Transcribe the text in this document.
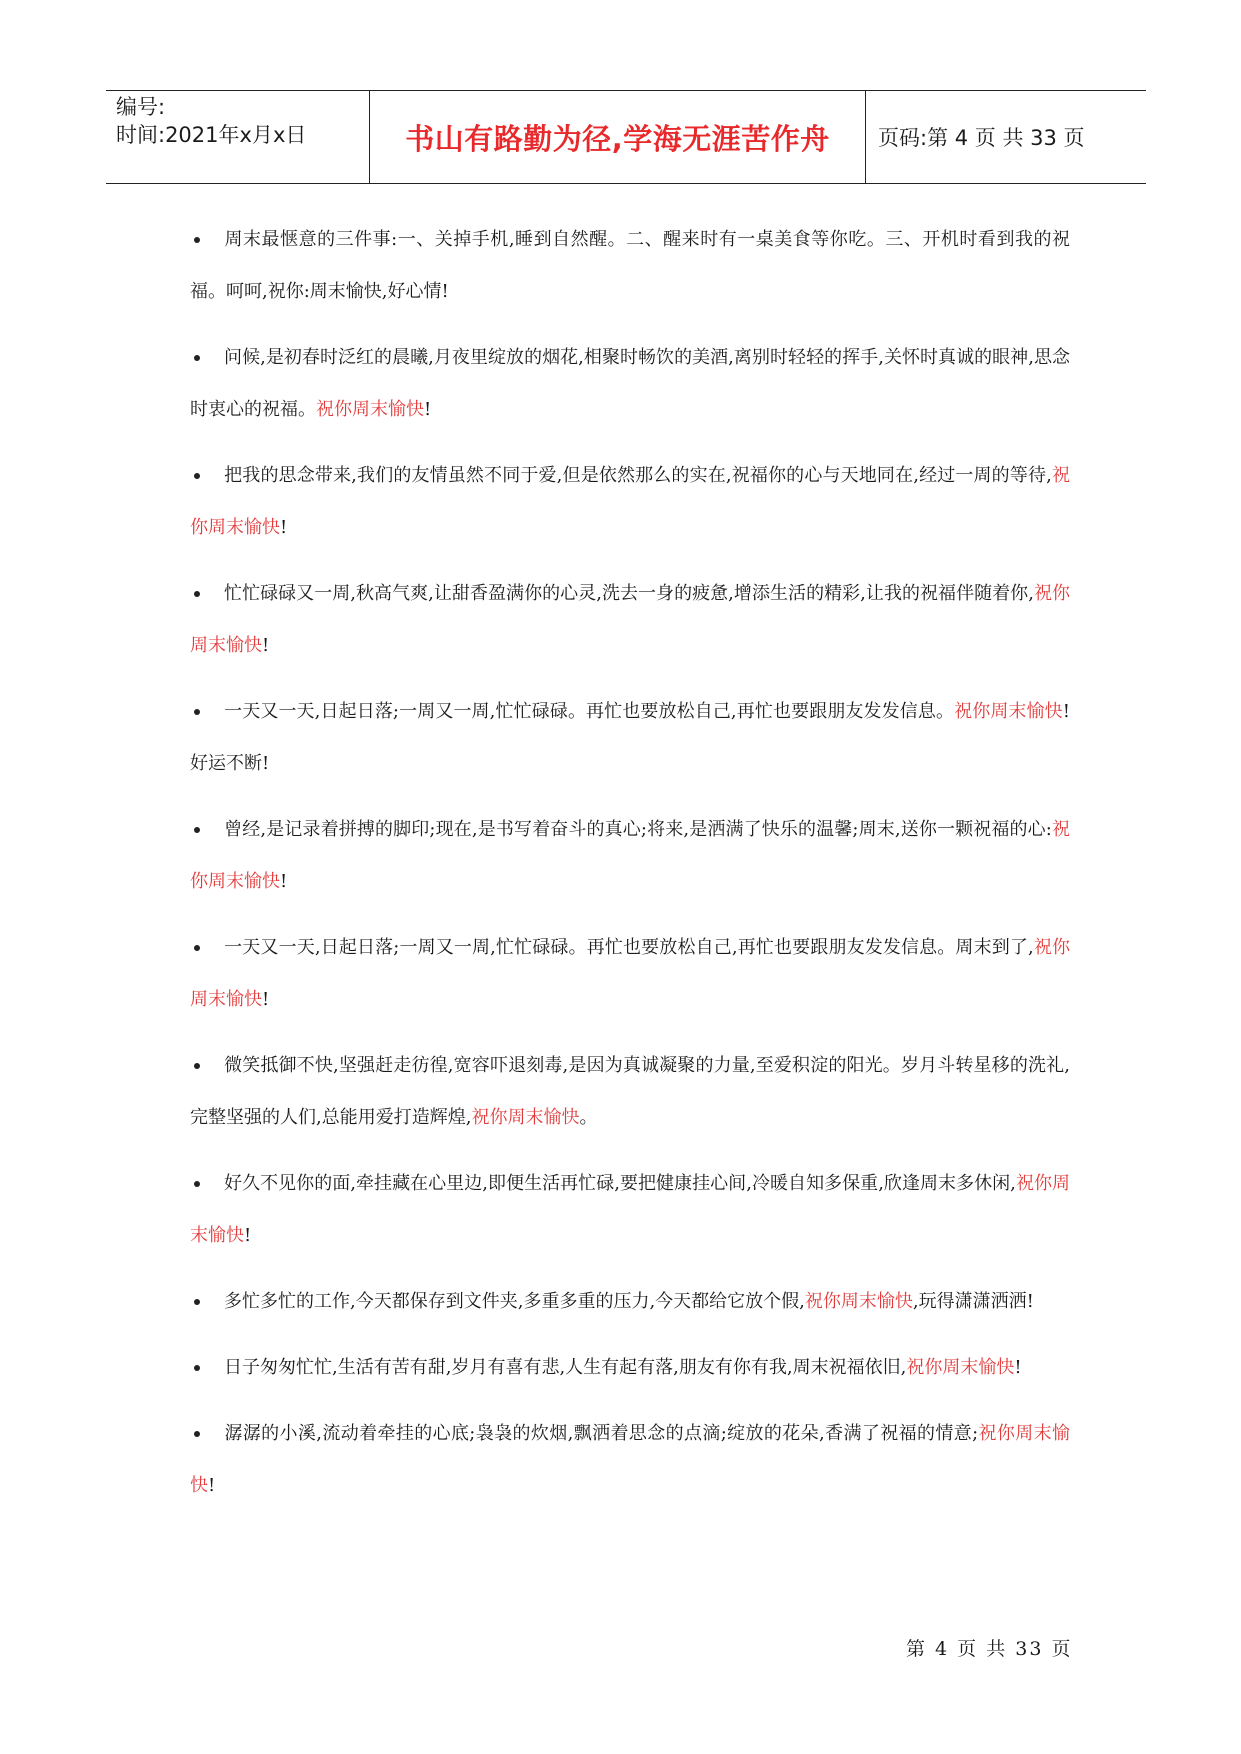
编号:
时间:2021年x月x日	书山有路勤为径,学海无涯苦作舟 页码:第 4 页 共 33 页

周末最惬意的三件事:一、关掉手机,睡到自然醒。二、醒来时有一桌美食等你吃。三、开机时看到我的祝福。呵呵,祝你:周末愉快,好心情!

问候,是初春时泛红的晨曦,月夜里绽放的烟花,相聚时畅饮的美酒,离别时轻轻的挥手,关怀时真诚的眼神,思念时衷心的祝福。祝你周末愉快!

把我的思念带来,我们的友情虽然不同于爱,但是依然那么的实在,祝福你的心与天地同在,经过一周的等待,祝你周末愉快!

忙忙碌碌又一周,秋高气爽,让甜香盈满你的心灵,洗去一身的疲惫,增添生活的精彩,让我的祝福伴随着你,祝你周末愉快!

一天又一天,日起日落;一周又一周,忙忙碌碌。再忙也要放松自己,再忙也要跟朋友发发信息。祝你周末愉快!好运不断!

曾经,是记录着拼搏的脚印;现在,是书写着奋斗的真心;将来,是洒满了快乐的温馨;周末,送你一颗祝福的心:祝你周末愉快!

一天又一天,日起日落;一周又一周,忙忙碌碌。再忙也要放松自己,再忙也要跟朋友发发信息。周末到了,祝你周末愉快!

微笑抵御不快,坚强赶走彷徨,宽容吓退刻毒,是因为真诚凝聚的力量,至爱积淀的阳光。岁月斗转星移的洗礼,完整坚强的人们,总能用爱打造辉煌,祝你周末愉快。

好久不见你的面,牵挂藏在心里边,即便生活再忙碌,要把健康挂心间,冷暖自知多保重,欣逢周末多休闲,祝你周末愉快!

多忙多忙的工作,今天都保存到文件夹,多重多重的压力,今天都给它放个假,祝你周末愉快,玩得潇潇洒洒!

日子匆匆忙忙,生活有苦有甜,岁月有喜有悲,人生有起有落,朋友有你有我,周末祝福依旧,祝你周末愉快!

潺潺的小溪,流动着牵挂的心底;袅袅的炊烟,飘洒着思念的点滴;绽放的花朵,香满了祝福的情意;祝你周末愉快!

第 4 页 共 33 页
